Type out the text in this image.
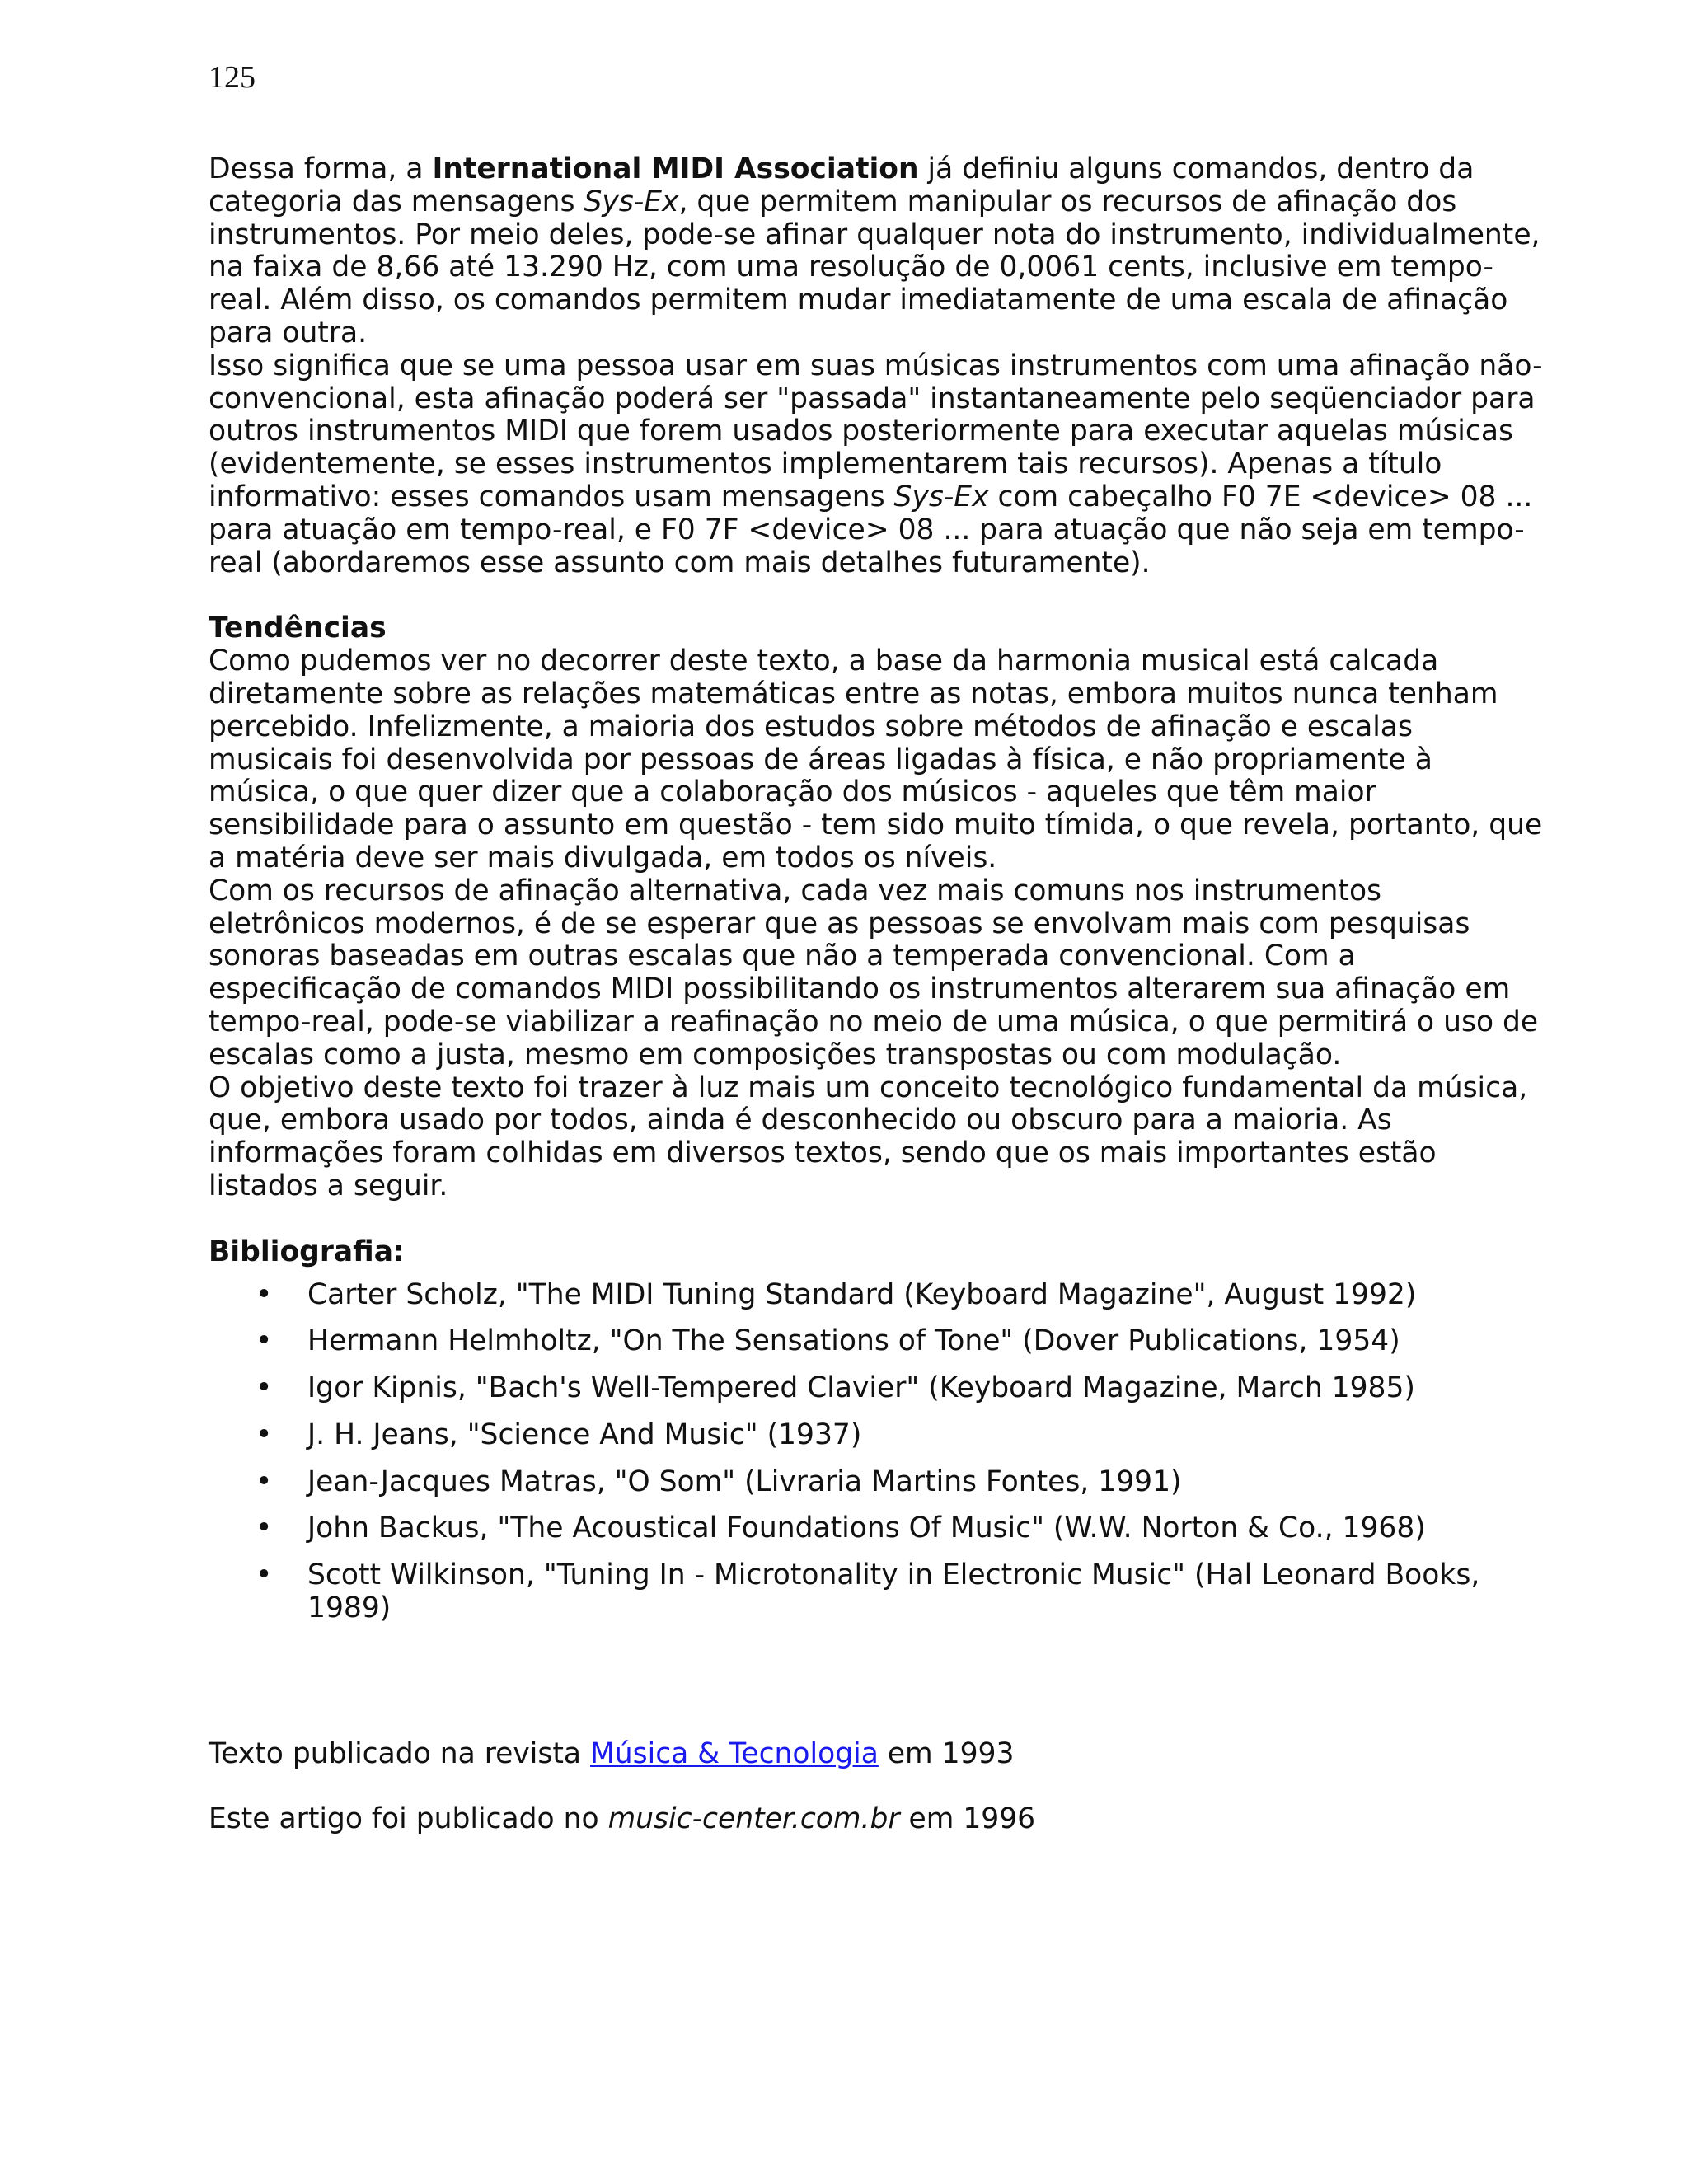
125

Dessa forma, a International MIDI Association já definiu alguns comandos, dentro da categoria das mensagens Sys-Ex, que permitem manipular os recursos de afinação dos instrumentos. Por meio deles, pode-se afinar qualquer nota do instrumento, individualmente, na faixa de 8,66 até 13.290 Hz, com uma resolução de 0,0061 cents, inclusive em tempo-real. Além disso, os comandos permitem mudar imediatamente de uma escala de afinação para outra.

Isso significa que se uma pessoa usar em suas músicas instrumentos com uma afinação não-convencional, esta afinação poderá ser "passada" instantaneamente pelo seqüenciador para outros instrumentos MIDI que forem usados posteriormente para executar aquelas músicas (evidentemente, se esses instrumentos implementarem tais recursos). Apenas a título informativo: esses comandos usam mensagens Sys-Ex com cabeçalho F0 7E <device> 08 ... para atuação em tempo-real, e F0 7F <device> 08 ... para atuação que não seja em tempo-real (abordaremos esse assunto com mais detalhes futuramente).

Tendências

Como pudemos ver no decorrer deste texto, a base da harmonia musical está calcada diretamente sobre as relações matemáticas entre as notas, embora muitos nunca tenham percebido. Infelizmente, a maioria dos estudos sobre métodos de afinação e escalas musicais foi desenvolvida por pessoas de áreas ligadas à física, e não propriamente à música, o que quer dizer que a colaboração dos músicos - aqueles que têm maior sensibilidade para o assunto em questão - tem sido muito tímida, o que revela, portanto, que a matéria deve ser mais divulgada, em todos os níveis.

Com os recursos de afinação alternativa, cada vez mais comuns nos instrumentos eletrônicos modernos, é de se esperar que as pessoas se envolvam mais com pesquisas sonoras baseadas em outras escalas que não a temperada convencional. Com a especificação de comandos MIDI possibilitando os instrumentos alterarem sua afinação em tempo-real, pode-se viabilizar a reafinação no meio de uma música, o que permitirá o uso de escalas como a justa, mesmo em composições transpostas ou com modulação.

O objetivo deste texto foi trazer à luz mais um conceito tecnológico fundamental da música, que, embora usado por todos, ainda é desconhecido ou obscuro para a maioria. As informações foram colhidas em diversos textos, sendo que os mais importantes estão listados a seguir.

Bibliografia:

• Carter Scholz, "The MIDI Tuning Standard (Keyboard Magazine", August 1992)
• Hermann Helmholtz, "On The Sensations of Tone" (Dover Publications, 1954)
• Igor Kipnis, "Bach's Well-Tempered Clavier" (Keyboard Magazine, March 1985)
• J. H. Jeans, "Science And Music" (1937)
• Jean-Jacques Matras, "O Som" (Livraria Martins Fontes, 1991)
• John Backus, "The Acoustical Foundations Of Music" (W.W. Norton & Co., 1968)
• Scott Wilkinson, "Tuning In - Microtonality in Electronic Music" (Hal Leonard Books, 1989)
Texto publicado na revista Música & Tecnologia em 1993
Este artigo foi publicado no music-center.com.br em 1996
